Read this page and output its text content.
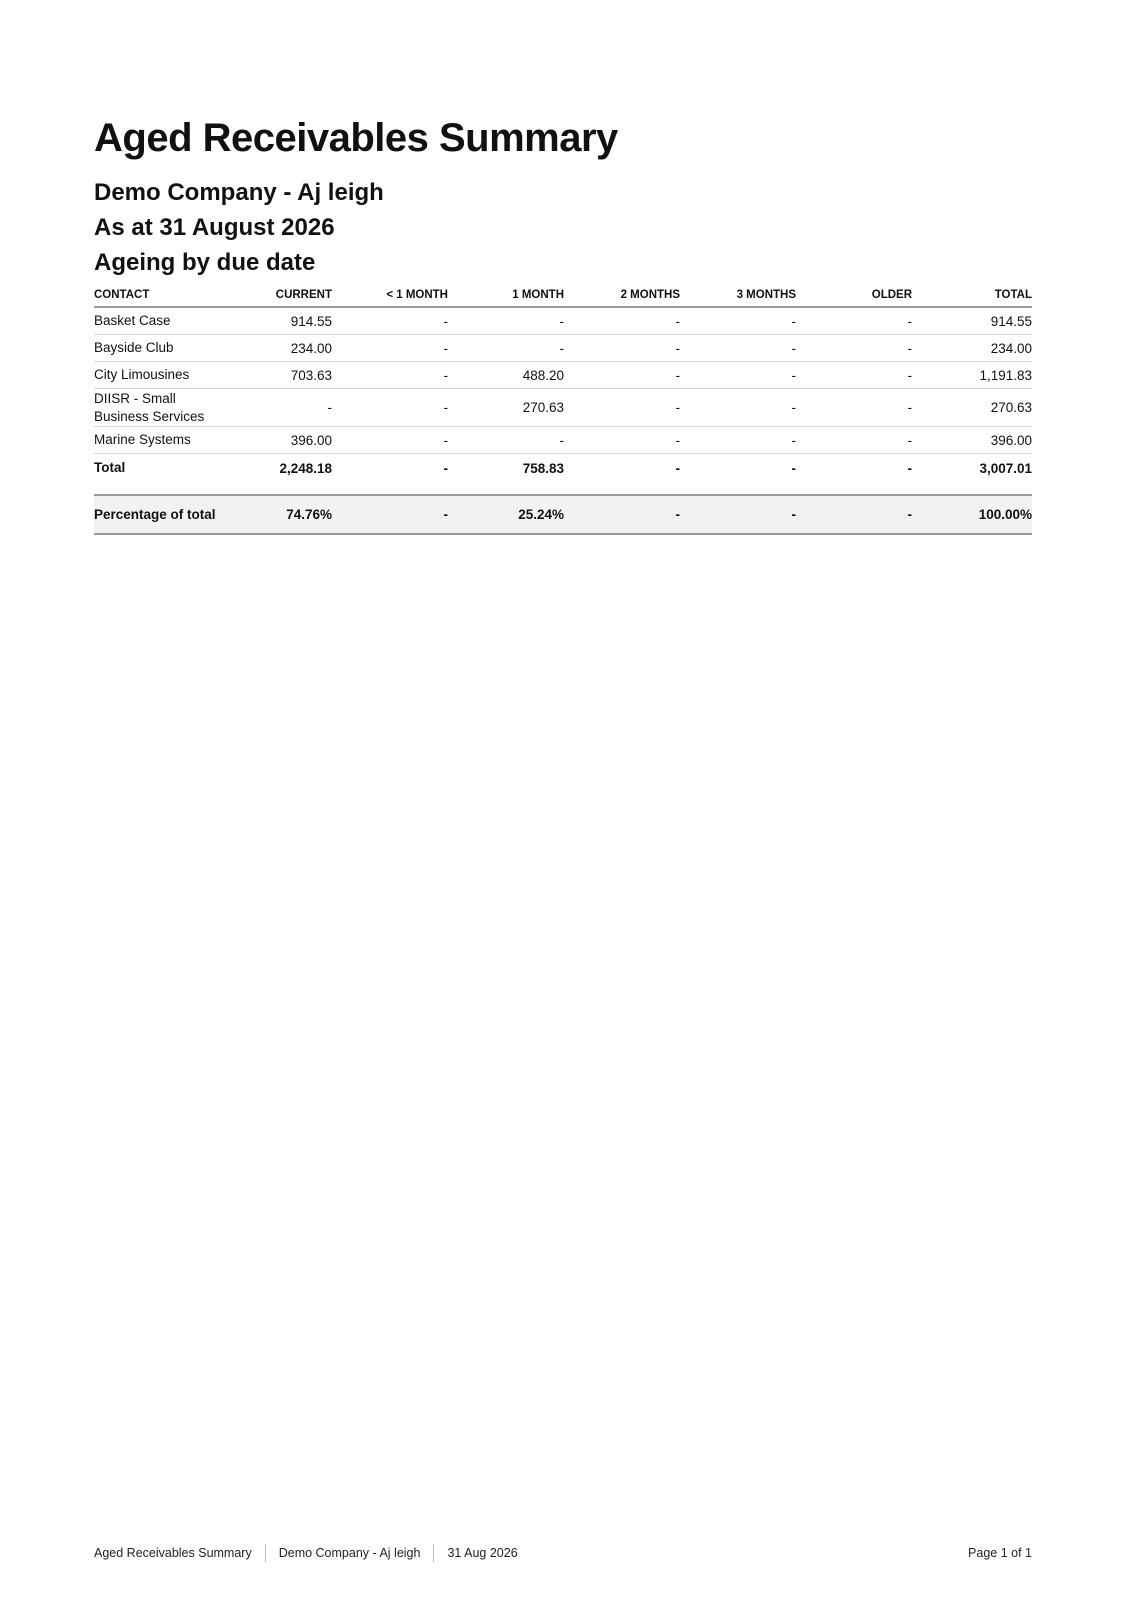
Aged Receivables Summary
Demo Company - Aj leigh
As at 31 August 2026
Ageing by due date
CONTACT	CURRENT	< 1 MONTH	1 MONTH	2 MONTHS	3 MONTHS	OLDER	TOTAL
Basket Case	914.55	-	-	-	-	-	914.55
Bayside Club	234.00	-	-	-	-	-	234.00
City Limousines	703.63	-	488.20	-	-	-	1,191.83
DIISR - Small Business Services	-	-	270.63	-	-	-	270.63
Marine Systems	396.00	-	-	-	-	-	396.00
Total	2,248.18	-	758.83	-	-	-	3,007.01

Percentage of total	74.76%	-	25.24%	-	-	-	100.00%
Aged Receivables Summary Demo Company - Aj leigh 31 Aug 2026	Page 1 of 1
